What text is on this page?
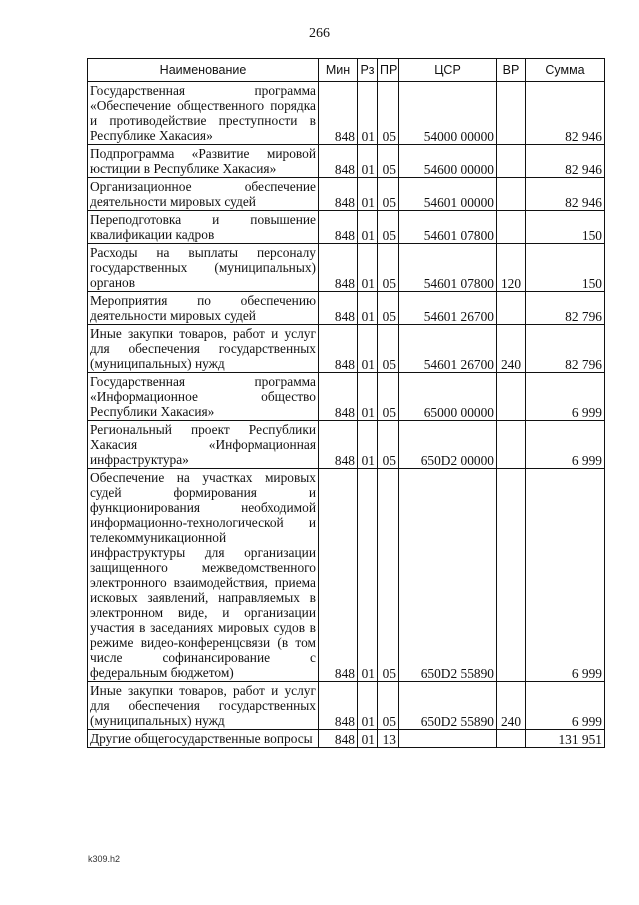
266
Наименование	Мин	Рз	ПР	ЦСР	ВР	Сумма
Государственная программа «Обеспечение общественного порядка и противодействие преступности в Республике Хакасия»	848	01	05	54000 00000		82 946
Подпрограмма «Развитие мировой юстиции в Республике Хакасия»	848	01	05	54600 00000		82 946
Организационное обеспечение деятельности мировых судей	848	01	05	54601 00000		82 946
Переподготовка и повышение квалификации кадров	848	01	05	54601 07800		150
Расходы на выплаты персоналу государственных (муниципальных) органов	848	01	05	54601 07800	120	150
Мероприятия по обеспечению деятельности мировых судей	848	01	05	54601 26700		82 796
Иные закупки товаров, работ и услуг для обеспечения государственных (муниципальных) нужд	848	01	05	54601 26700	240	82 796
Государственная программа «Информационное общество Республики Хакасия»	848	01	05	65000 00000		6 999
Региональный проект Республики Хакасия «Информационная инфраструктура»	848	01	05	650D2 00000		6 999
Обеспечение на участках мировых судей формирования и функционирования необходимой информационно-технологической и телекоммуникационной инфраструктуры для организации защищенного межведомственного электронного взаимодействия, приема исковых заявлений, направляемых в электронном виде, и организации участия в заседаниях мировых судов в режиме видео-конференцсвязи (в том числе софинансирование с федеральным бюджетом)	848	01	05	650D2 55890		6 999
Иные закупки товаров, работ и услуг для обеспечения государственных (муниципальных) нужд	848	01	05	650D2 55890	240	6 999
Другие общегосударственные вопросы	848	01	13			131 951
k309.h2
